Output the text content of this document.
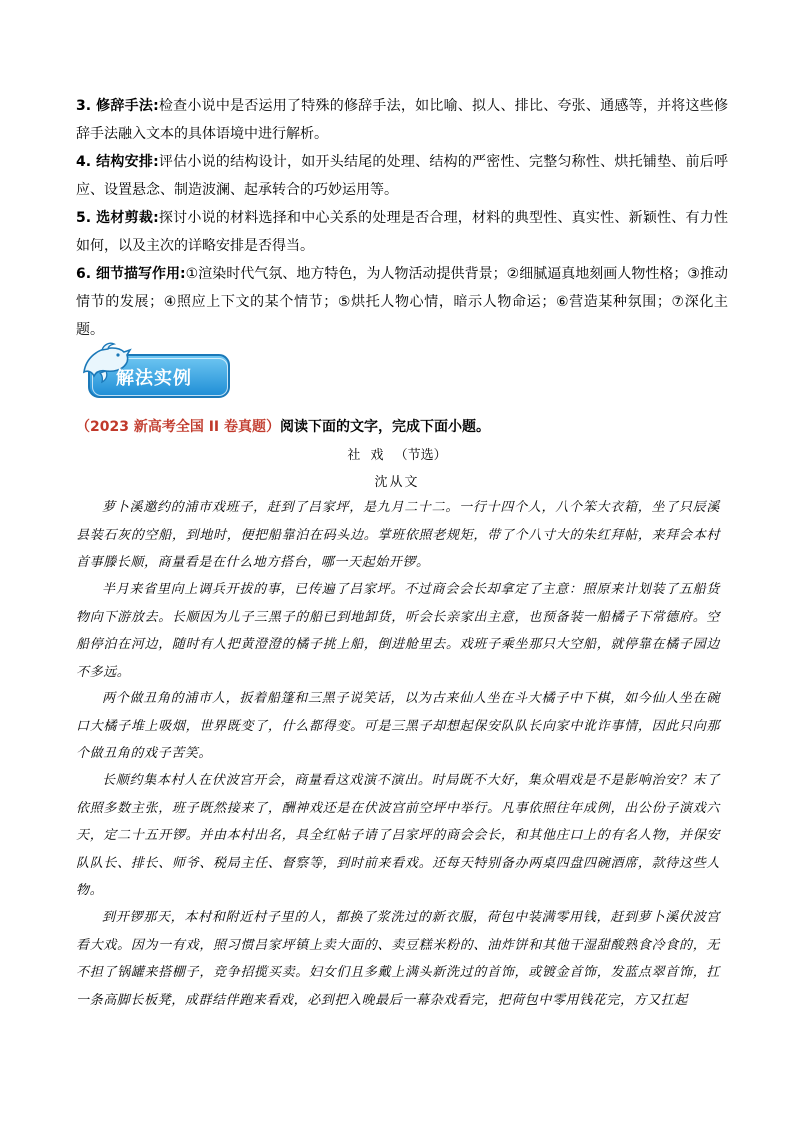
3. 修辞手法:检查小说中是否运用了特殊的修辞手法，如比喻、拟人、排比、夸张、通感等，并将这些修辞手法融入文本的具体语境中进行解析。

4. 结构安排:评估小说的结构设计，如开头结尾的处理、结构的严密性、完整匀称性、烘托铺垫、前后呼应、设置悬念、制造波澜、起承转合的巧妙运用等。

5. 选材剪裁:探讨小说的材料选择和中心关系的处理是否合理，材料的典型性、真实性、新颖性、有力性如何，以及主次的详略安排是否得当。

6. 细节描写作用:①渲染时代气氛、地方特色，为人物活动提供背景；②细腻逼真地刻画人物性格；③推动情节的发展；④照应上下文的某个情节；⑤烘托人物心情，暗示人物命运；⑥营造某种氛围；⑦深化主题。

解法实例

（2023 新高考全国 II 卷真题）阅读下面的文字，完成下面小题。

社 戏 （节选）

沈从文

萝卜溪邀约的浦市戏班子，赶到了吕家坪，是九月二十二。一行十四个人，八个笨大衣箱，坐了只辰溪县装石灰的空船，到地时，便把船靠泊在码头边。掌班依照老规矩，带了个八寸大的朱红拜帖，来拜会本村首事滕长顺，商量看是在什么地方搭台，哪一天起始开锣。

半月来省里向上调兵开拔的事，已传遍了吕家坪。不过商会会长却拿定了主意：照原来计划装了五船货物向下游放去。长顺因为儿子三黑子的船已到地卸货，听会长亲家出主意，也预备装一船橘子下常德府。空船停泊在河边，随时有人把黄澄澄的橘子挑上船，倒进舱里去。戏班子乘坐那只大空船，就停靠在橘子园边不多远。

两个做丑角的浦市人，扳着船篷和三黑子说笑话，以为古来仙人坐在斗大橘子中下棋，如今仙人坐在碗口大橘子堆上吸烟，世界既变了，什么都得变。可是三黑子却想起保安队队长向家中讹诈事情，因此只向那个做丑角的戏子苦笑。

长顺约集本村人在伏波宫开会，商量看这戏演不演出。时局既不大好，集众唱戏是不是影响治安？末了依照多数主张，班子既然接来了，酬神戏还是在伏波宫前空坪中举行。凡事依照往年成例，出公份子演戏六天，定二十五开锣。并由本村出名，具全红帖子请了吕家坪的商会会长，和其他庄口上的有名人物，并保安队队长、排长、师爷、税局主任、督察等，到时前来看戏。还每天特别备办两桌四盘四碗酒席，款待这些人物。

到开锣那天，本村和附近村子里的人，都换了浆洗过的新衣服，荷包中装满零用钱，赶到萝卜溪伏波宫看大戏。因为一有戏，照习惯吕家坪镇上卖大面的、卖豆糕米粉的、油炸饼和其他干湿甜酸熟食冷食的，无不担了锅罐来搭棚子，竞争招揽买卖。妇女们且多戴上满头新洗过的首饰，或镀金首饰，发蓝点翠首饰，扛一条高脚长板凳，成群结伴跑来看戏，必到把入晚最后一幕杂戏看完，把荷包中零用钱花完，方又扛起
